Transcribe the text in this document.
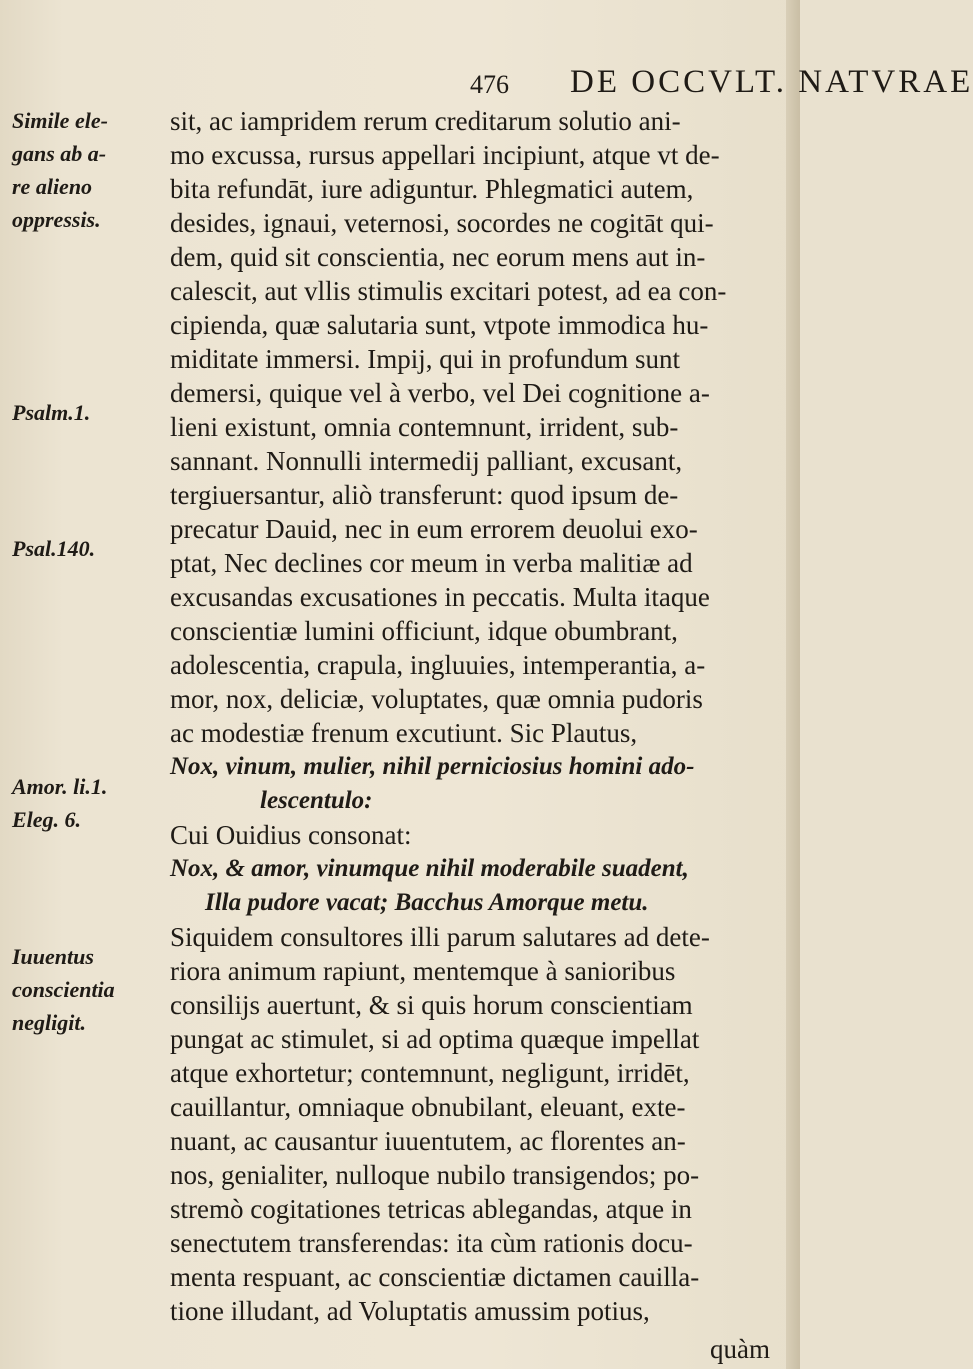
476 DE OCCVLT. NATVRAE
Simile ele-
gans ab a-
re alieno
oppressis.
Psalm.1.
Psal.140.
Amor. li.1.
Eleg. 6.
Iuuentus
conscientia
negligit.
sit, ac iampridem rerum creditarum solutio ani-
mo excussa, rursus appellari incipiunt, atque vt de-
bita refundāt, iure adiguntur. Phlegmatici autem,
desides, ignaui, veternosi, socordes ne cogitāt qui-
dem, quid sit conscientia, nec eorum mens aut in-
calescit, aut vllis stimulis excitari potest, ad ea con-
cipienda, quæ salutaria sunt, vtpote immodica hu-
miditate immersi. Impij, qui in profundum sunt
demersi, quique vel à verbo, vel Dei cognitione a-
lieni existunt, omnia contemnunt, irrident, sub-
sannant. Nonnulli intermedij palliant, excusant,
tergiuersantur, aliò transferunt: quod ipsum de-
precatur Dauid, nec in eum errorem deuolui exo-
ptat, Nec declines cor meum in verba malitiæ ad
excusandas excusationes in peccatis. Multa itaque
conscientiæ lumini officiunt, idque obumbrant,
adolescentia, crapula, ingluuies, intemperantia, a-
mor, nox, deliciæ, voluptates, quæ omnia pudoris
ac modestiæ frenum excutiunt. Sic Plautus,
Nox, vinum, mulier, nihil perniciosius homini ado-
lescentulo:
Cui Ouidius consonat:
Nox, & amor, vinumque nihil moderabile suadent,
Illa pudore vacat; Bacchus Amorque metu.
Siquidem consultores illi parum salutares ad dete-
riora animum rapiunt, mentemque à sanioribus
consilijs auertunt, & si quis horum conscientiam
pungat ac stimulet, si ad optima quæque impellat
atque exhortetur; contemnunt, negligunt, irridēt,
cauillantur, omniaque obnubilant, eleuant, exte-
nuant, ac causantur iuuentutem, ac florentes an-
nos, genialiter, nulloque nubilo transigendos; po-
stremò cogitationes tetricas ablegandas, atque in
senectutem transferendas: ita cùm rationis docu-
menta respuant, ac conscientiæ dictamen cauilla-
tione illudant, ad Voluptatis amussim potius,
quàm
